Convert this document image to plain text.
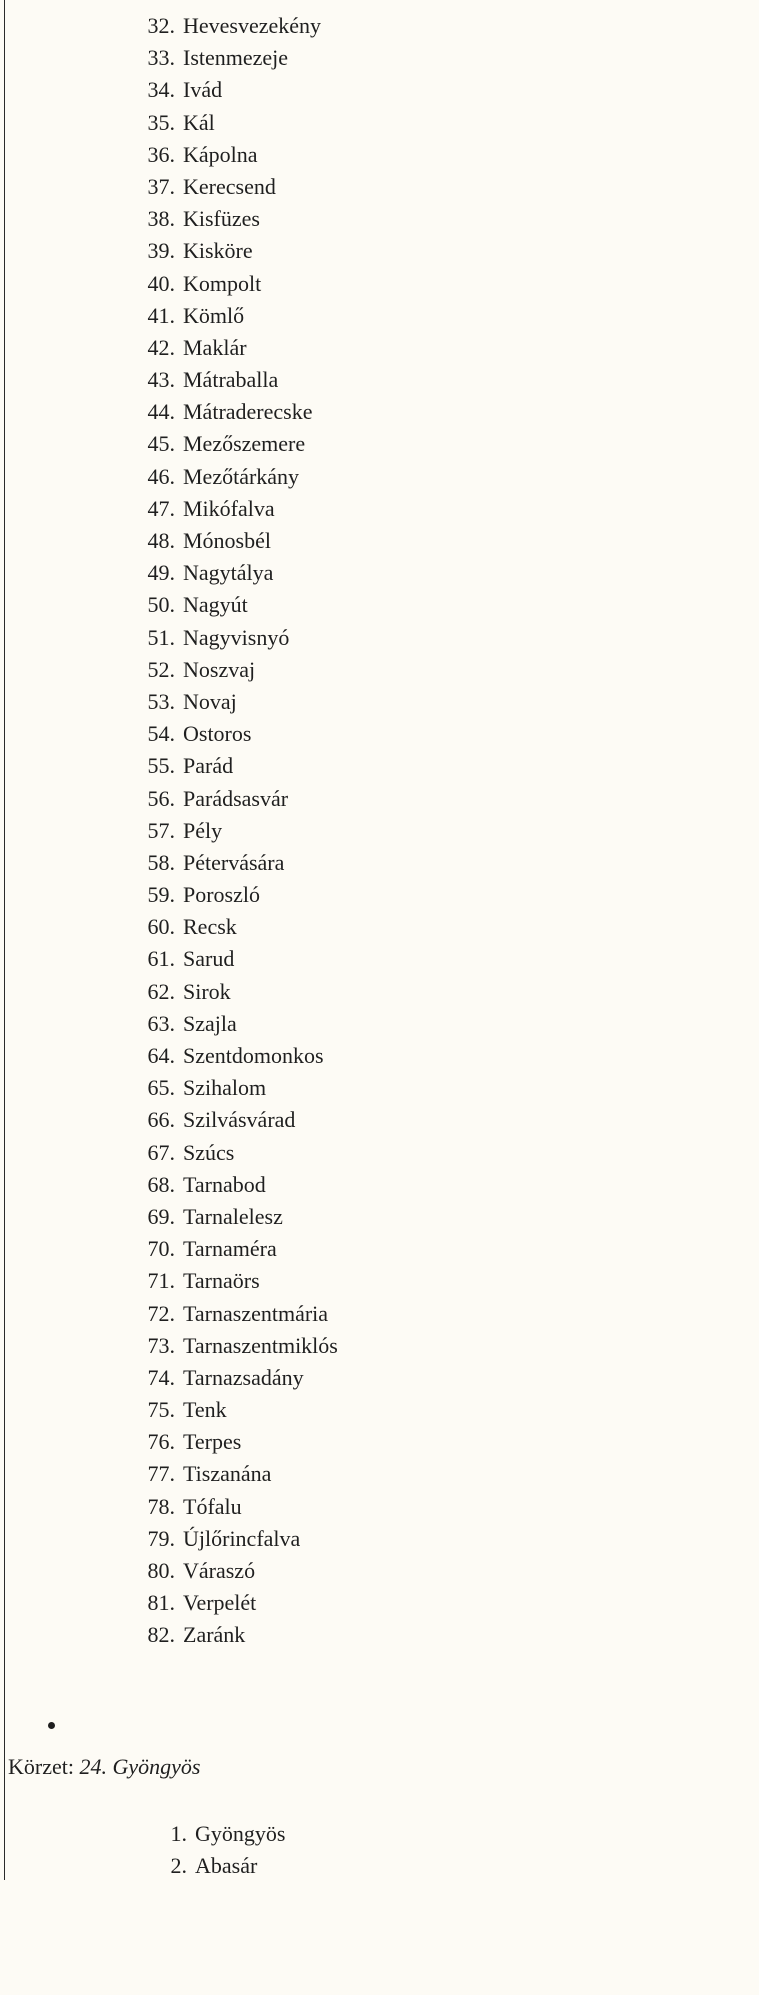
32. Hevesvezekény
33. Istenmezeje
34. Ivád
35. Kál
36. Kápolna
37. Kerecsend
38. Kisfüzes
39. Kisköre
40. Kompolt
41. Kömlő
42. Maklár
43. Mátraballa
44. Mátraderecske
45. Mezőszemere
46. Mezőtárkány
47. Mikófalva
48. Mónosbél
49. Nagytálya
50. Nagyút
51. Nagyvisnyó
52. Noszvaj
53. Novaj
54. Ostoros
55. Parád
56. Parádsasvár
57. Pély
58. Pétervására
59. Poroszló
60. Recsk
61. Sarud
62. Sirok
63. Szajla
64. Szentdomonkos
65. Szihalom
66. Szilvásvárad
67. Szúcs
68. Tarnabod
69. Tarnalelesz
70. Tarnaméra
71. Tarnaörs
72. Tarnaszentmária
73. Tarnaszentmiklós
74. Tarnazsadány
75. Tenk
76. Terpes
77. Tiszanána
78. Tófalu
79. Újlőrincfalva
80. Váraszó
81. Verpelét
82. Zaránk
Körzet: 24. Gyöngyös
1. Gyöngyös
2. Abasár
